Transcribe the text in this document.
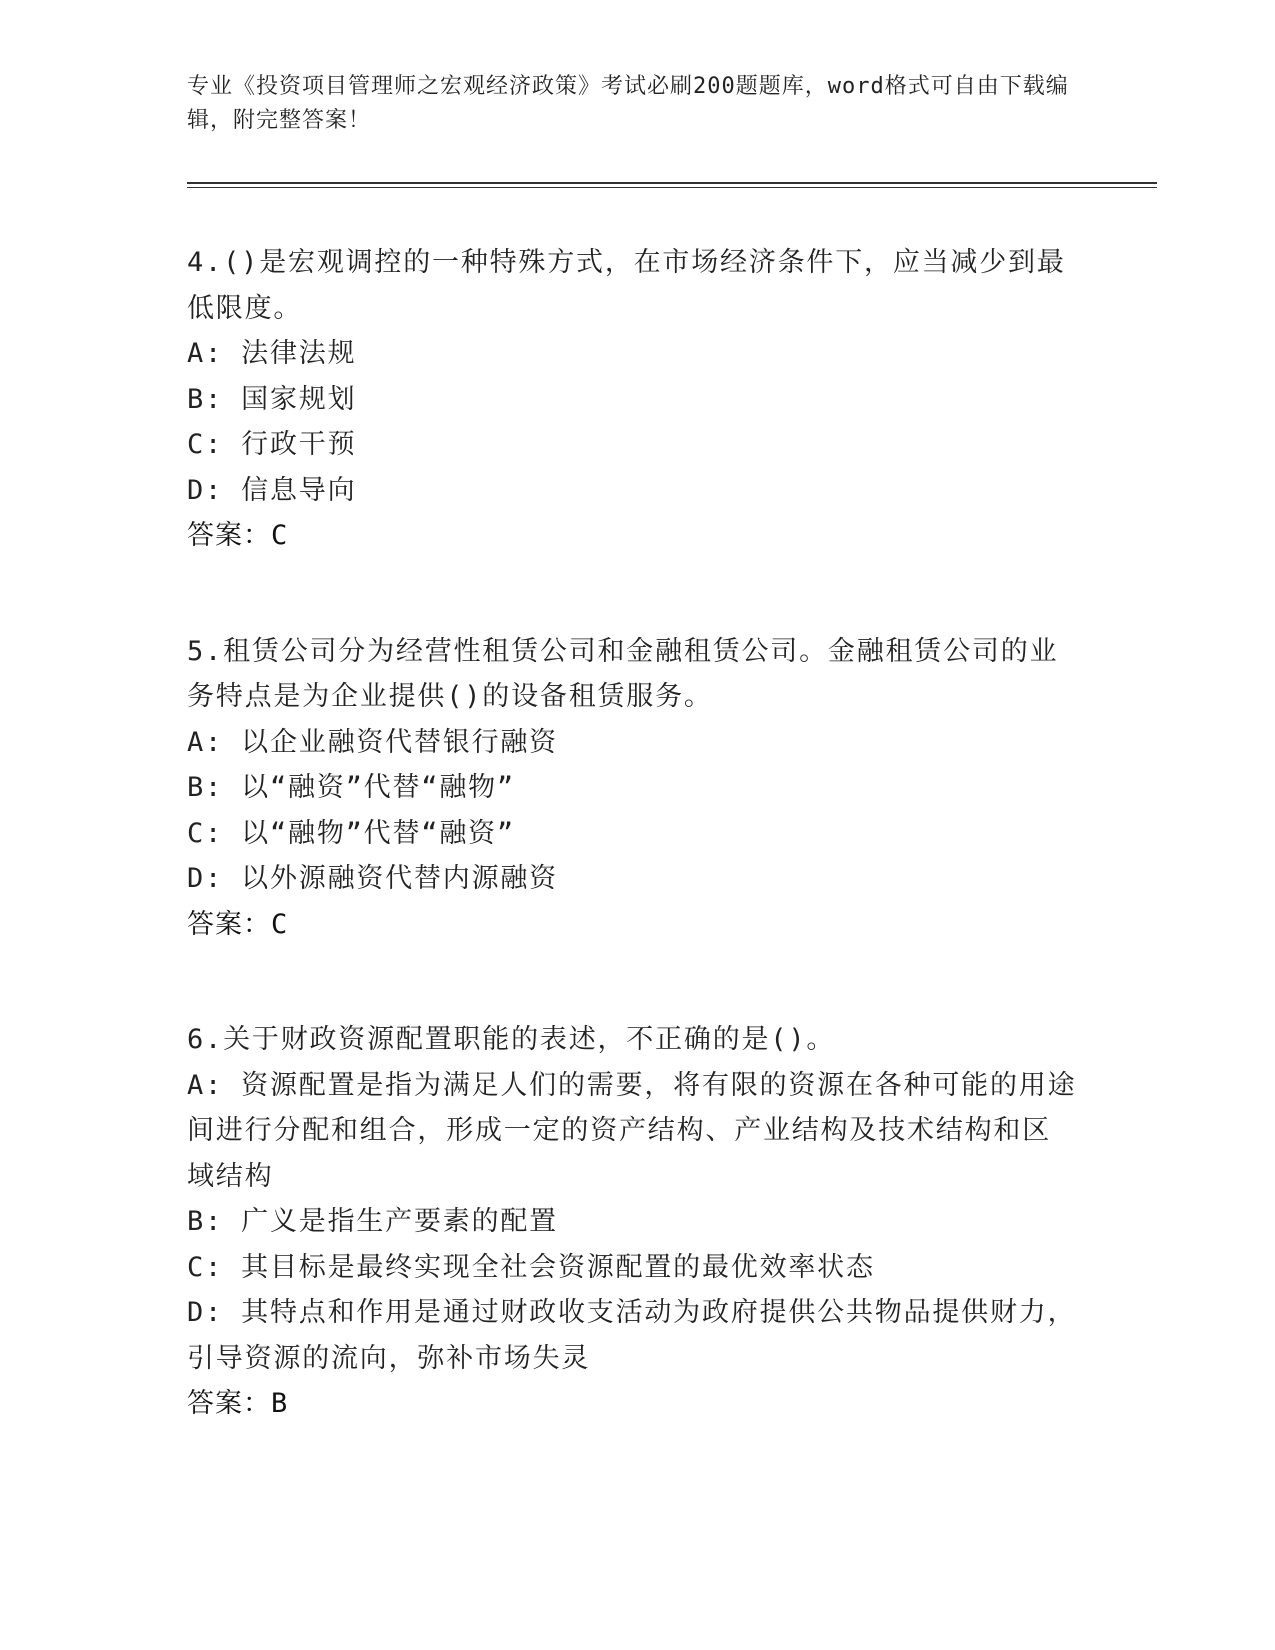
专业《投资项目管理师之宏观经济政策》考试必刷200题题库，word格式可自由下载编辑，附完整答案！
4.()是宏观调控的一种特殊方式，在市场经济条件下，应当减少到最低限度。
A: 法律法规
B: 国家规划
C: 行政干预
D: 信息导向
答案：C
5.租赁公司分为经营性租赁公司和金融租赁公司。金融租赁公司的业务特点是为企业提供()的设备租赁服务。
A: 以企业融资代替银行融资
B: 以“融资”代替“融物”
C: 以“融物”代替“融资”
D: 以外源融资代替内源融资
答案：C
6.关于财政资源配置职能的表述，不正确的是()。
A: 资源配置是指为满足人们的需要，将有限的资源在各种可能的用途间进行分配和组合，形成一定的资产结构、产业结构及技术结构和区域结构
B: 广义是指生产要素的配置
C: 其目标是最终实现全社会资源配置的最优效率状态
D: 其特点和作用是通过财政收支活动为政府提供公共物品提供财力，引导资源的流向，弥补市场失灵
答案：B
